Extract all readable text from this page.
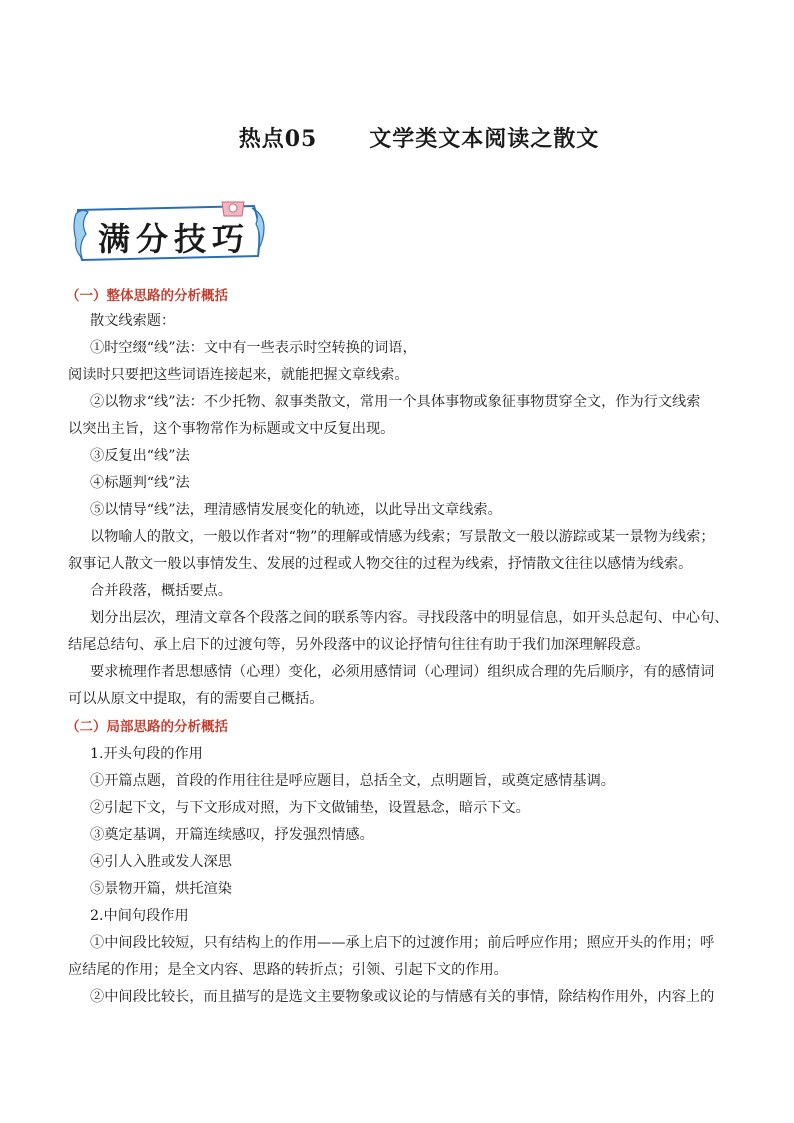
热点05      文学类文本阅读之散文
满分技巧
（一）整体思路的分析概括
散文线索题：
①时空缀“线”法：文中有一些表示时空转换的词语，
阅读时只要把这些词语连接起来，就能把握文章线索。
②以物求“线”法：不少托物、叙事类散文，常用一个具体事物或象征事物贯穿全文，作为行文线索
以突出主旨，这个事物常作为标题或文中反复出现。
③反复出“线”法
④标题判“线”法
⑤以情导“线”法，理清感情发展变化的轨迹，以此导出文章线索。
以物喻人的散文，一般以作者对“物”的理解或情感为线索；写景散文一般以游踪或某一景物为线索；
叙事记人散文一般以事情发生、发展的过程或人物交往的过程为线索，抒情散文往往以感情为线索。
合并段落，概括要点。
划分出层次，理清文章各个段落之间的联系等内容。寻找段落中的明显信息，如开头总起句、中心句、
结尾总结句、承上启下的过渡句等，另外段落中的议论抒情句往往有助于我们加深理解段意。
要求梳理作者思想感情（心理）变化，必须用感情词（心理词）组织成合理的先后顺序，有的感情词
可以从原文中提取，有的需要自己概括。
（二）局部思路的分析概括
1.开头句段的作用
①开篇点题，首段的作用往往是呼应题目，总括全文，点明题旨，或奠定感情基调。
②引起下文，与下文形成对照，为下文做铺垫，设置悬念，暗示下文。
③奠定基调，开篇连续感叹，抒发强烈情感。
④引人入胜或发人深思
⑤景物开篇，烘托渲染
2.中间句段作用
①中间段比较短，只有结构上的作用——承上启下的过渡作用；前后呼应作用；照应开头的作用；呼
应结尾的作用；是全文内容、思路的转折点；引领、引起下文的作用。
②中间段比较长，而且描写的是选文主要物象或议论的与情感有关的事情，除结构作用外，内容上的
